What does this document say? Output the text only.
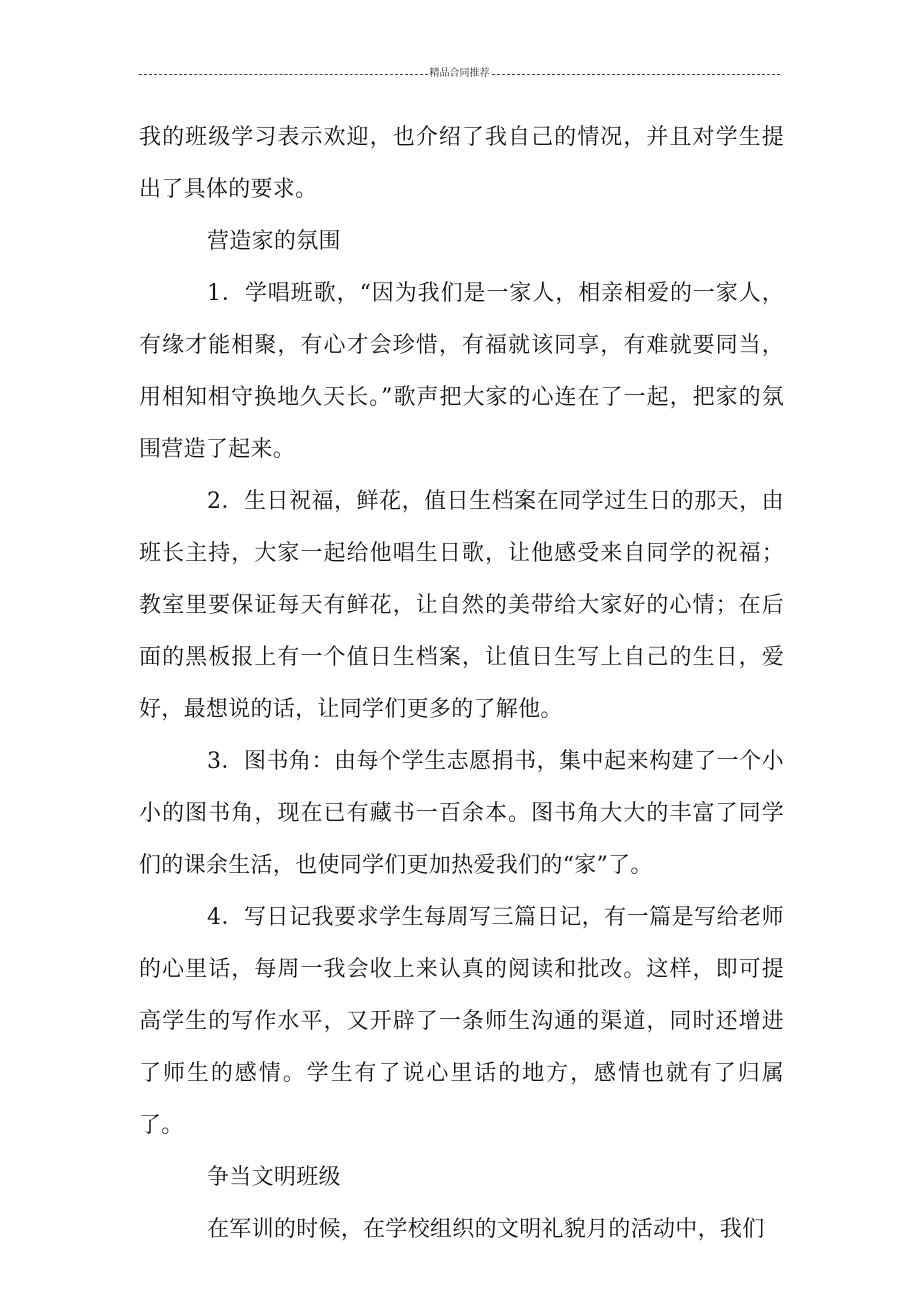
精品合同推荐

我的班级学习表示欢迎，也介绍了我自己的情况，并且对学生提出了具体的要求。

营造家的氛围

1．学唱班歌，“因为我们是一家人，相亲相爱的一家人，有缘才能相聚，有心才会珍惜，有福就该同享，有难就要同当，用相知相守换地久天长。”歌声把大家的心连在了一起，把家的氛围营造了起来。

2．生日祝福，鲜花，值日生档案在同学过生日的那天，由班长主持，大家一起给他唱生日歌，让他感受来自同学的祝福；教室里要保证每天有鲜花，让自然的美带给大家好的心情；在后面的黑板报上有一个值日生档案，让值日生写上自己的生日，爱好，最想说的话，让同学们更多的了解他。

3．图书角：由每个学生志愿捐书，集中起来构建了一个小小的图书角，现在已有藏书一百余本。图书角大大的丰富了同学们的课余生活，也使同学们更加热爱我们的“家”了。

4．写日记我要求学生每周写三篇日记，有一篇是写给老师的心里话，每周一我会收上来认真的阅读和批改。这样，即可提高学生的写作水平，又开辟了一条师生沟通的渠道，同时还增进了师生的感情。学生有了说心里话的地方，感情也就有了归属了。

争当文明班级

在军训的时候，在学校组织的文明礼貌月的活动中，我们
